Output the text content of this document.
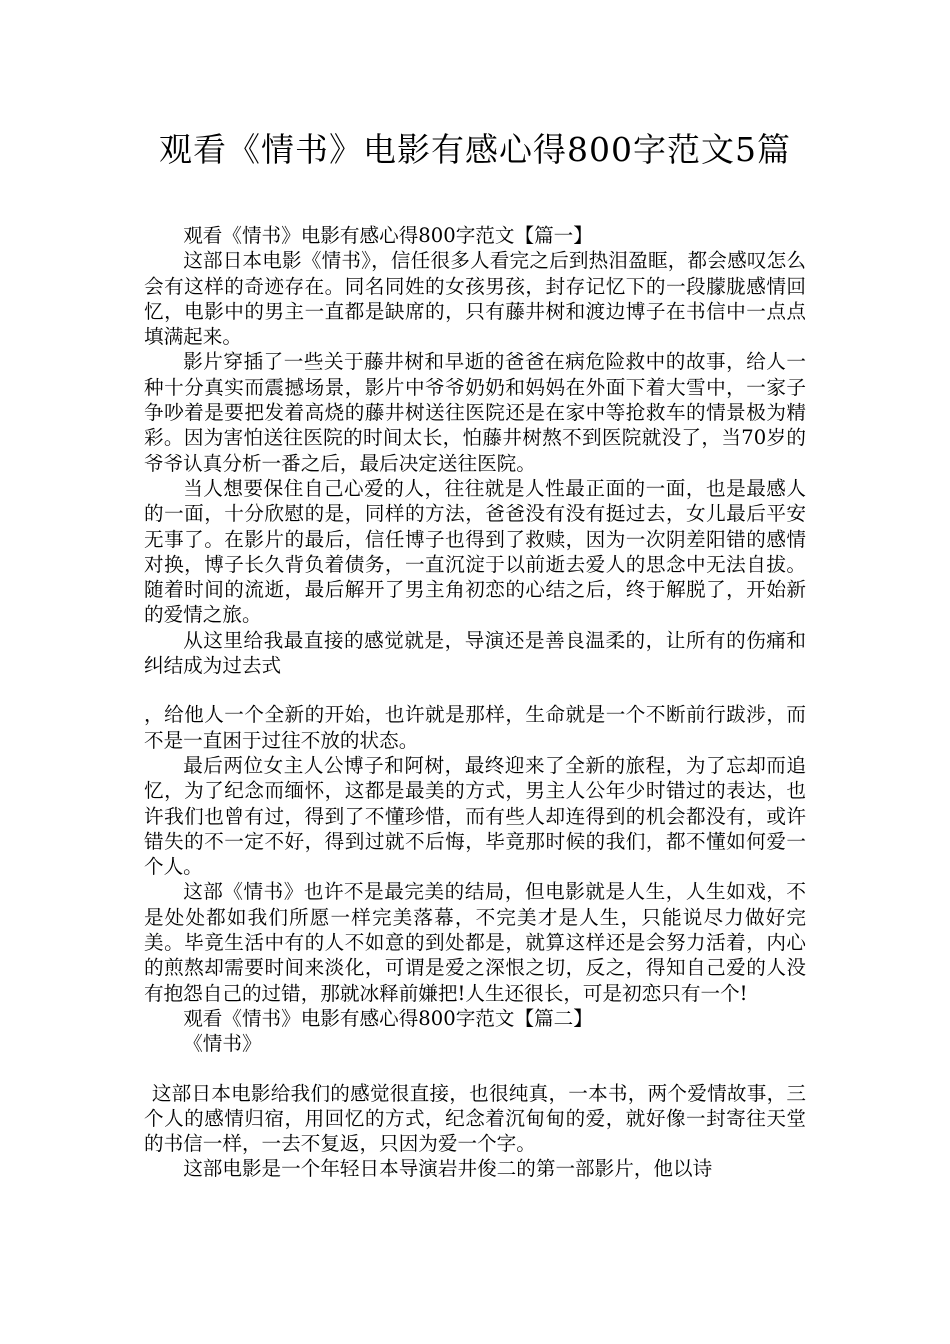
观看《情书》电影有感心得800字范文5篇

观看《情书》电影有感心得800字范文【篇一】

这部日本电影《情书》，信任很多人看完之后到热泪盈眶，都会感叹怎么会有这样的奇迹存在。同名同姓的女孩男孩，封存记忆下的一段朦胧感情回忆，电影中的男主一直都是缺席的，只有藤井树和渡边博子在书信中一点点填满起来。

影片穿插了一些关于藤井树和早逝的爸爸在病危险救中的故事，给人一种十分真实而震撼场景，影片中爷爷奶奶和妈妈在外面下着大雪中，一家子争吵着是要把发着高烧的藤井树送往医院还是在家中等抢救车的情景极为精彩。因为害怕送往医院的时间太长，怕藤井树熬不到医院就没了，当70岁的爷爷认真分析一番之后，最后决定送往医院。

当人想要保住自己心爱的人，往往就是人性最正面的一面，也是最感人的一面，十分欣慰的是，同样的方法，爸爸没有没有挺过去，女儿最后平安无事了。在影片的最后，信任博子也得到了救赎，因为一次阴差阳错的感情对换，博子长久背负着债务，一直沉淀于以前逝去爱人的思念中无法自拔。随着时间的流逝，最后解开了男主角初恋的心结之后，终于解脱了，开始新的爱情之旅。

从这里给我最直接的感觉就是，导演还是善良温柔的，让所有的伤痛和纠结成为过去式

，给他人一个全新的开始，也许就是那样，生命就是一个不断前行跋涉，而不是一直困于过往不放的状态。

最后两位女主人公博子和阿树，最终迎来了全新的旅程，为了忘却而追忆，为了纪念而缅怀，这都是最美的方式，男主人公年少时错过的表达，也许我们也曾有过，得到了不懂珍惜，而有些人却连得到的机会都没有，或许错失的不一定不好，得到过就不后悔，毕竟那时候的我们，都不懂如何爱一个人。

这部《情书》也许不是最完美的结局，但电影就是人生，人生如戏，不是处处都如我们所愿一样完美落幕，不完美才是人生，只能说尽力做好完美。毕竟生活中有的人不如意的到处都是，就算这样还是会努力活着，内心的煎熬却需要时间来淡化，可谓是爱之深恨之切，反之，得知自己爱的人没有抱怨自己的过错，那就冰释前嫌把!人生还很长，可是初恋只有一个!

观看《情书》电影有感心得800字范文【篇二】

《情书》

这部日本电影给我们的感觉很直接，也很纯真，一本书，两个爱情故事，三个人的感情归宿，用回忆的方式，纪念着沉甸甸的爱，就好像一封寄往天堂的书信一样，一去不复返，只因为爱一个字。

这部电影是一个年轻日本导演岩井俊二的第一部影片，他以诗
